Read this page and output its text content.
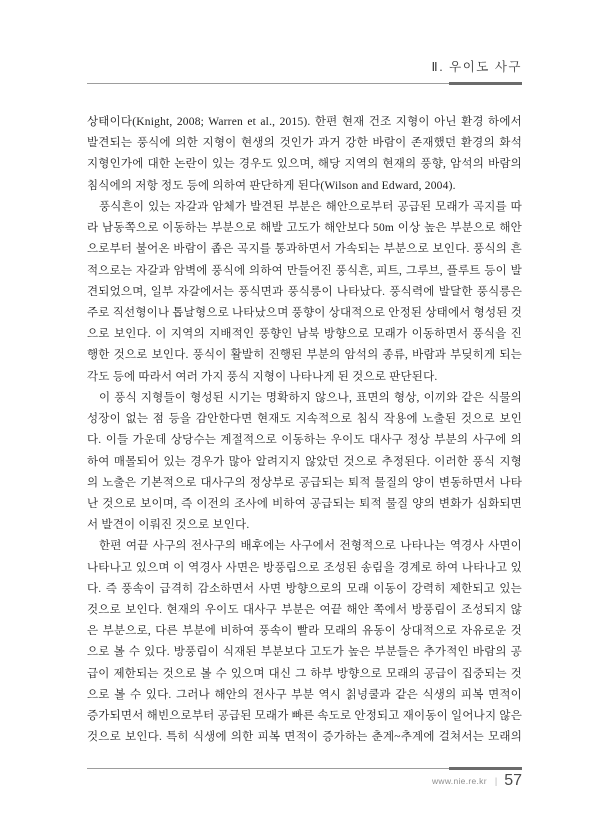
Ⅱ. 우이도 사구
상태이다(Knight, 2008; Warren et al., 2015). 한편 현재 건조 지형이 아닌 환경 하에서
발견되는 풍식에 의한 지형이 현생의 것인가 과거 강한 바람이 존재했던 환경의 화석
지형인가에 대한 논란이 있는 경우도 있으며, 해당 지역의 현재의 풍향, 암석의 바람의
침식에의 저항 정도 등에 의하여 판단하게 된다(Wilson and Edward, 2004).
풍식흔이 있는 자갈과 암체가 발견된 부분은 해안으로부터 공급된 모래가 곡지를 따
라 남동쪽으로 이동하는 부분으로 해발 고도가 해안보다 50m 이상 높은 부분으로 해안
으로부터 불어온 바람이 좁은 곡지를 통과하면서 가속되는 부분으로 보인다. 풍식의 흔
적으로는 자갈과 암벽에 풍식에 의하여 만들어진 풍식흔, 피트, 그루브, 플루트 등이 발
견되었으며, 일부 자갈에서는 풍식면과 풍식릉이 나타났다. 풍식력에 발달한 풍식릉은
주로 직선형이나 톱날형으로 나타났으며 풍향이 상대적으로 안정된 상태에서 형성된 것
으로 보인다. 이 지역의 지배적인 풍향인 남북 방향으로 모래가 이동하면서 풍식을 진
행한 것으로 보인다. 풍식이 활발히 진행된 부분의 암석의 종류, 바람과 부딪히게 되는
각도 등에 따라서 여러 가지 풍식 지형이 나타나게 된 것으로 판단된다.
이 풍식 지형들이 형성된 시기는 명확하지 않으나, 표면의 형상, 이끼와 같은 식물의
성장이 없는 점 등을 감안한다면 현재도 지속적으로 침식 작용에 노출된 것으로 보인
다. 이들 가운데 상당수는 계절적으로 이동하는 우이도 대사구 정상 부분의 사구에 의
하여 매몰되어 있는 경우가 많아 알려지지 않았던 것으로 추정된다. 이러한 풍식 지형
의 노출은 기본적으로 대사구의 정상부로 공급되는 퇴적 물질의 양이 변동하면서 나타
난 것으로 보이며, 즉 이전의 조사에 비하여 공급되는 퇴적 물질 양의 변화가 심화되면
서 발견이 이뤄진 것으로 보인다.
한편 여끝 사구의 전사구의 배후에는 사구에서 전형적으로 나타나는 역경사 사면이
나타나고 있으며 이 역경사 사면은 방풍림으로 조성된 송림을 경계로 하여 나타나고 있
다. 즉 풍속이 급격히 감소하면서 사면 방향으로의 모래 이동이 강력히 제한되고 있는
것으로 보인다. 현재의 우이도 대사구 부분은 여끝 해안 쪽에서 방풍림이 조성되지 않
은 부분으로, 다른 부분에 비하여 풍속이 빨라 모래의 유동이 상대적으로 자유로운 것
으로 볼 수 있다. 방풍림이 식재된 부분보다 고도가 높은 부분들은 추가적인 바람의 공
급이 제한되는 것으로 볼 수 있으며 대신 그 하부 방향으로 모래의 공급이 집중되는 것
으로 볼 수 있다. 그러나 해안의 전사구 부분 역시 칡넝쿨과 같은 식생의 피복 면적이
증가되면서 해빈으로부터 공급된 모래가 빠른 속도로 안정되고 재이동이 일어나지 않은
것으로 보인다. 특히 식생에 의한 피복 면적이 증가하는 춘계~추계에 걸쳐서는 모래의
www.nie.re.kr | 57
